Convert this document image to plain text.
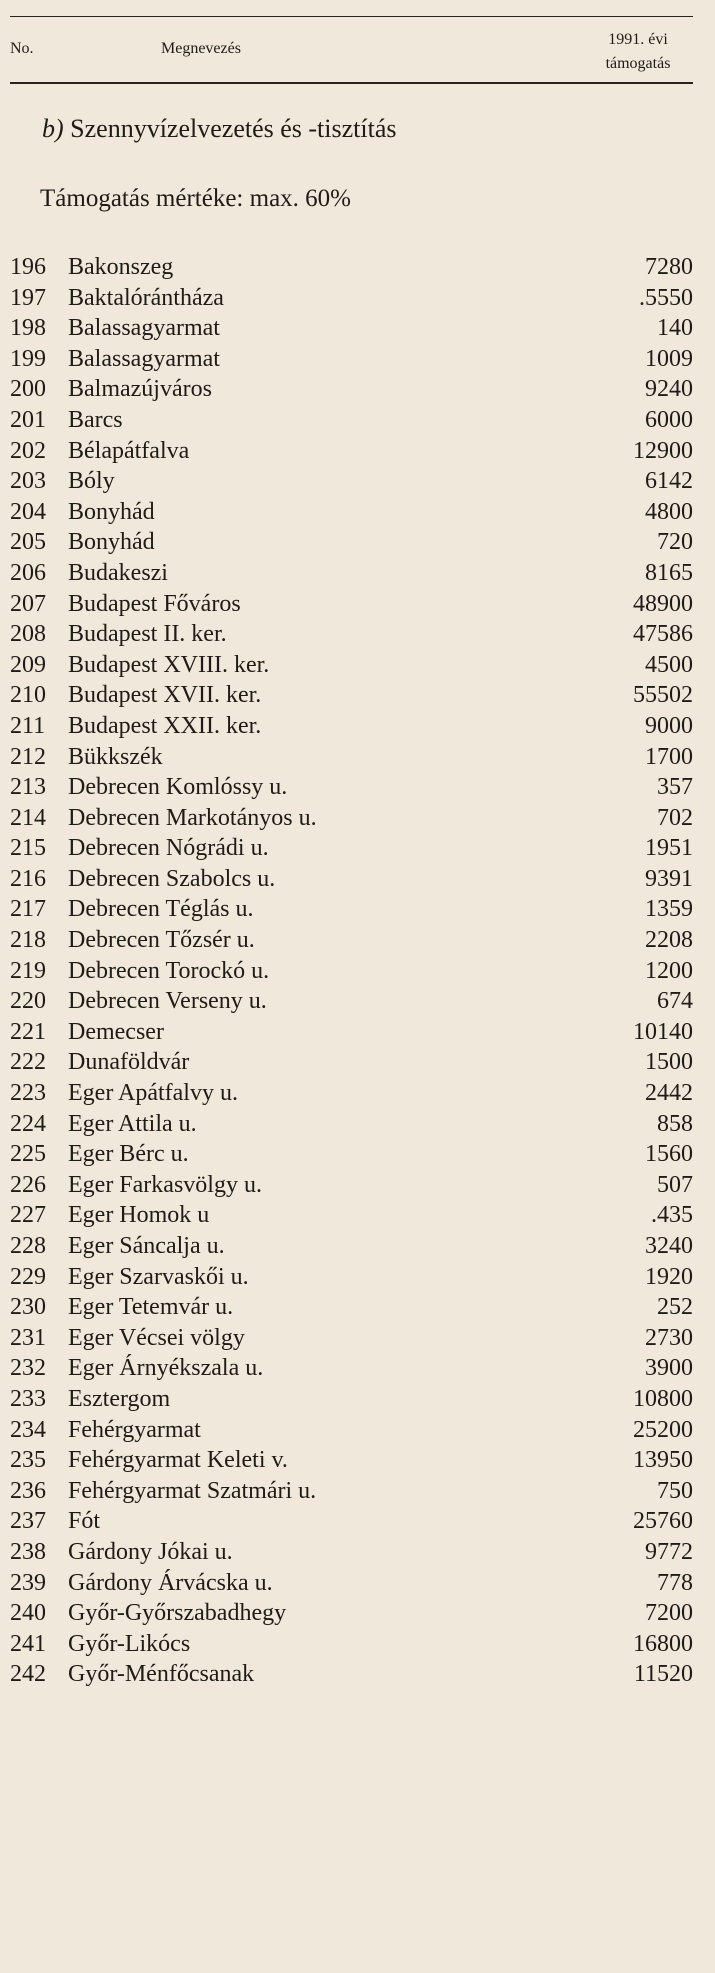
No.	Megnevezés
1991. évi
támogatás
b) Szennyvízelvezetés és -tisztítás
Támogatás mértéke: max. 60%
196 Bakonszeg	7280
197 Baktalórántháza	.5550
198 Balassagyarmat	140
199 Balassagyarmat	1009
200 Balmazújváros	9240
201 Barcs	6000
202 Bélapátfalva	12900
203 Bóly	6142
204 Bonyhád	4800
205 Bonyhád	720
206 Budakeszi	8165
207 Budapest Főváros	48900
208 Budapest II. ker.	47586
209 Budapest XVIII. ker.	4500
210 Budapest XVII. ker.	55502
211 Budapest XXII. ker.	9000
212 Bükkszék	1700
213 Debrecen Komlóssy u.	357
214 Debrecen Markotányos u.	702
215 Debrecen Nógrádi u.	1951
216 Debrecen Szabolcs u.	9391
217 Debrecen Téglás u.	1359
218 Debrecen Tőzsér u.	2208
219 Debrecen Torockó u.	1200
220 Debrecen Verseny u.	674
221 Demecser	10140
222 Dunaföldvár	1500
223 Eger Apátfalvy u.	2442
224 Eger Attila u.	858
225 Eger Bérc u.	1560
226 Eger Farkasvölgy u.	507
227 Eger Homok u	.435
228 Eger Sáncalja u.	3240
229 Eger Szarvaskői u.	1920
230 Eger Tetemvár u.	252
231 Eger Vécsei völgy	2730
232 Eger Árnyékszala u.	3900
233 Esztergom	10800
234 Fehérgyarmat	25200
235 Fehérgyarmat Keleti v.	13950
236 Fehérgyarmat Szatmári u.	750
237 Fót	25760
238 Gárdony Jókai u.	9772
239 Gárdony Árvácska u.	778
240 Győr-Győrszabadhegy	7200
241 Győr-Likócs	16800
242 Győr-Ménfőcsanak	11520
